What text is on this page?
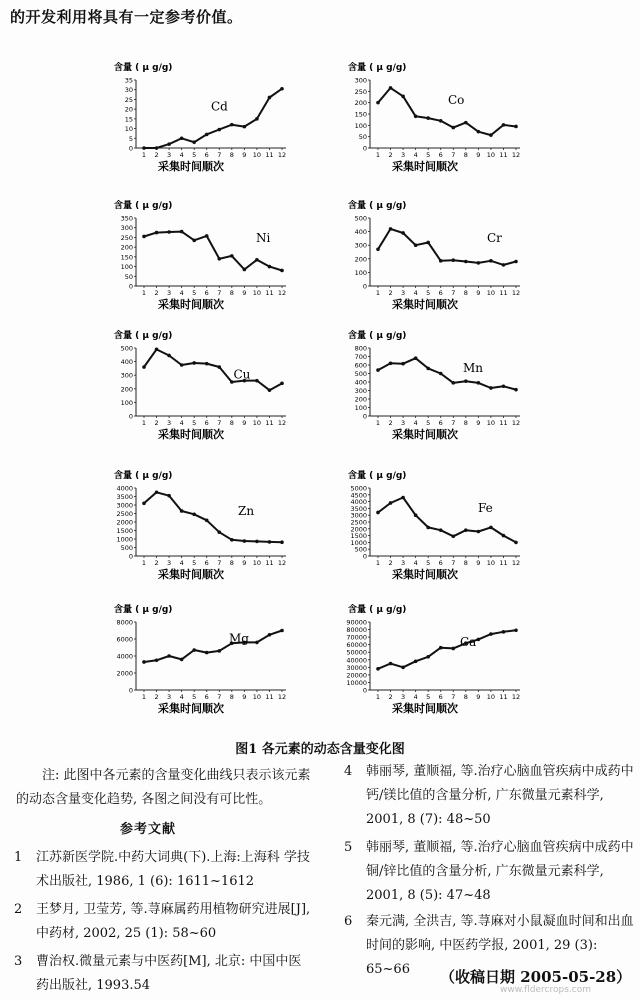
的开发利用将具有一定参考价值。
含量 ( μ g/g)
0
5
10
15
20
25
30
35
1 2 3 4 5 6 7 8 9 10 11 12
采集时间顺次
Cd
含量 ( μ g/g)
0
50
100
150
200
250
300
1 2 3 4 5 6 7 8 9 10 11 12
采集时间顺次
Co
含量 ( μ g/g)
0
50
100
150
200
250
300
350
1 2 3 4 5 6 7 8 9 10 11 12
采集时间顺次
Ni
含量 ( μ g/g)
0
100
200
300
400
500
1 2 3 4 5 6 7 8 9 10 11 12
采集时间顺次
Cr
含量 ( μ g/g)
0
100
200
300
400
500
1 2 3 4 5 6 7 8 9 10 11 12
采集时间顺次
Cu
含量 ( μ g/g)
0
100
200
300
400
500
600
700
800
1 2 3 4 5 6 7 8 9 10 11 12
采集时间顺次
Mn
含量 ( μ g/g)
0
500
1000
1500
2000
2500
3000
3500
4000
1 2 3 4 5 6 7 8 9 10 11 12
采集时间顺次
Zn
含量 ( μ g/g)
0
500
1000
1500
2000
2500
3000
3500
4000
4500
5000
1 2 3 4 5 6 7 8 9 10 11 12
采集时间顺次
Fe
含量 ( μ g/g)
0
2000
4000
6000
8000
1 2 3 4 5 6 7 8 9 10 11 12
采集时间顺次
Mg
含量 ( μ g/g)
0
10000
20000
30000
40000
50000
60000
70000
80000
90000
1 2 3 4 5 6 7 8 9 10 11 12
采集时间顺次
Ca
图1 各元素的动态含量变化图
注: 此图中各元素的含量变化曲线只表示该元素的动态含量变化趋势, 各图之间没有可比性。
参考文献
1	江苏新医学院.中药大词典(下).上海:上海科 学技术出版社, 1986, 1 (6): 1611~1612
2	王梦月, 卫莹芳, 等.荨麻属药用植物研究进展[J], 中药材, 2002, 25 (1): 58~60
3	曹治权.微量元素与中医药[M], 北京: 中国中医药出版社, 1993.54
4	韩丽琴, 董顺福, 等.治疗心脑血管疾病中成药中钙/镁比值的含量分析, 广东微量元素科学, 2001, 8 (7): 48~50
5	韩丽琴, 董顺福, 等.治疗心脑血管疾病中成药中铜/锌比值的含量分析, 广东微量元素科学, 2001, 8 (5): 47~48
6	秦元满, 全洪吉, 等.荨麻对小鼠凝血时间和出血时间的影响, 中医药学报, 2001, 29 (3): 65~66	（收稿日期 2005-05-28）
www.fldercrops.com
